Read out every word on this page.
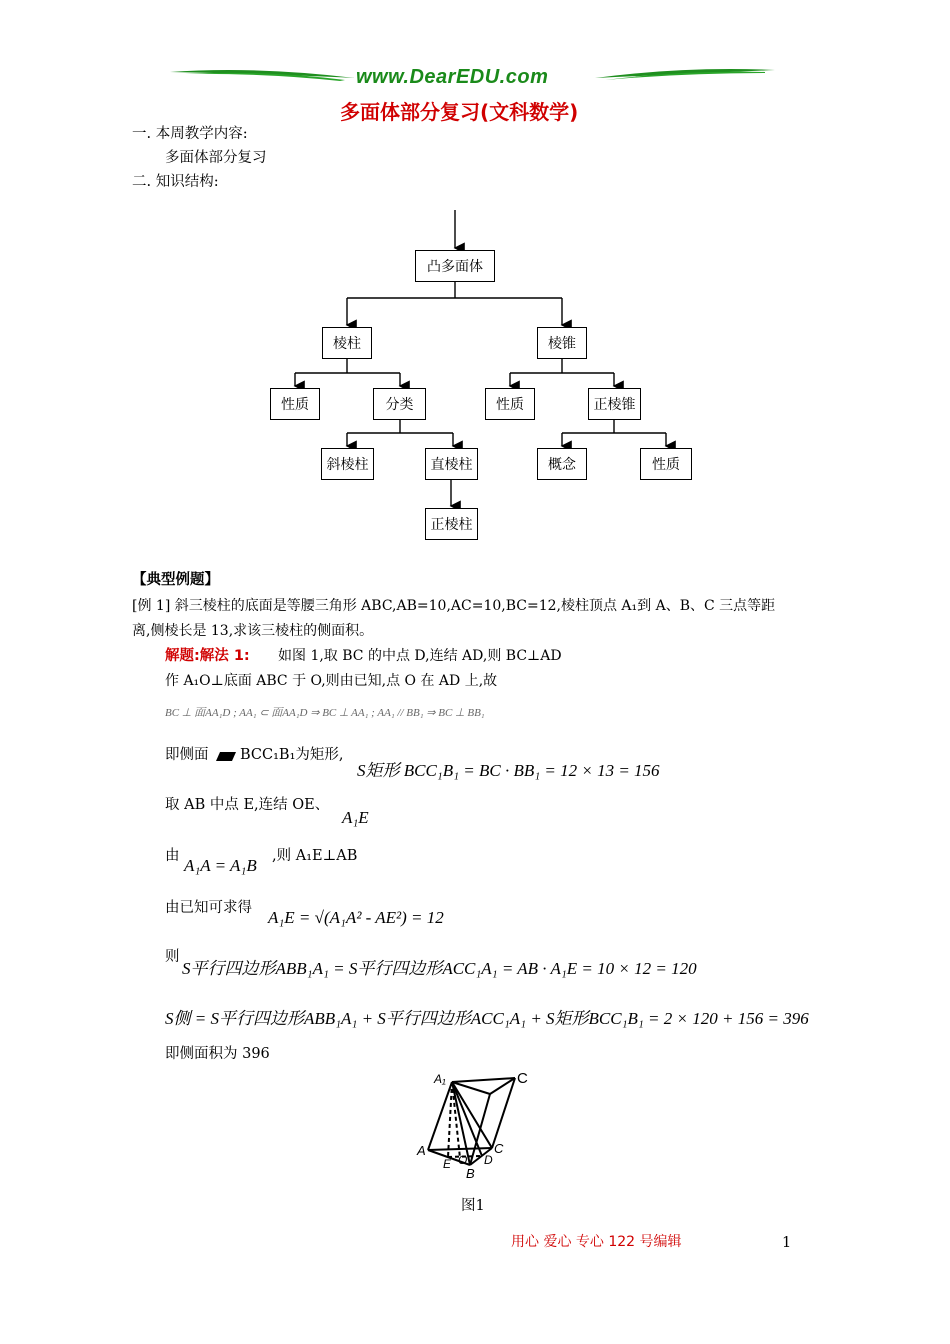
www.DearEDU.com
多面体部分复习(文科数学)
一. 本周教学内容:
多面体部分复习
二. 知识结构:
凸多面体
棱柱	棱锥
性质	分类	性质	正棱锥
斜棱柱	直棱柱	概念	性质
正棱柱
【典型例题】
[例 1] 斜三棱柱的底面是等腰三角形 ABC,AB=10,AC=10,BC=12,棱柱顶点 A₁到 A、B、C 三点等距
离,侧棱长是 13,求该三棱柱的侧面积。
解题:解法 1: 如图 1,取 BC 的中点 D,连结 AD,则 BC⊥AD
作 A₁O⊥底面 ABC 于 O,则由已知,点 O 在 AD 上,故
BC ⊥ 面AA₁D ; AA₁ ⊂ 面AA₁D ⇒ BC ⊥ AA₁ ; AA₁ // BB₁ ⇒ BC ⊥ BB₁
即侧面 BCC₁B₁为矩形,
S矩形 BCC₁B₁ = BC · BB₁ = 12 × 13 = 156
取 AB 中点 E,连结 OE、
A₁E
由 A₁A = A₁B ,则 A₁E⊥AB
由已知可求得 A₁E = √(A₁A² - AE²) = 12
则
S平行四边形ABB₁A₁ = S平行四边形ACC₁A₁ = AB · A₁E = 10 × 12 = 120
S侧 = S平行四边形ABB₁A₁ + S平行四边形ACC₁A₁ + S矩形BCC₁B₁ = 2 × 120 + 156 = 396
即侧面积为 396
A₁	C
A
E O D
C
B
图1
用心 爱心 专心 122 号编辑	1
